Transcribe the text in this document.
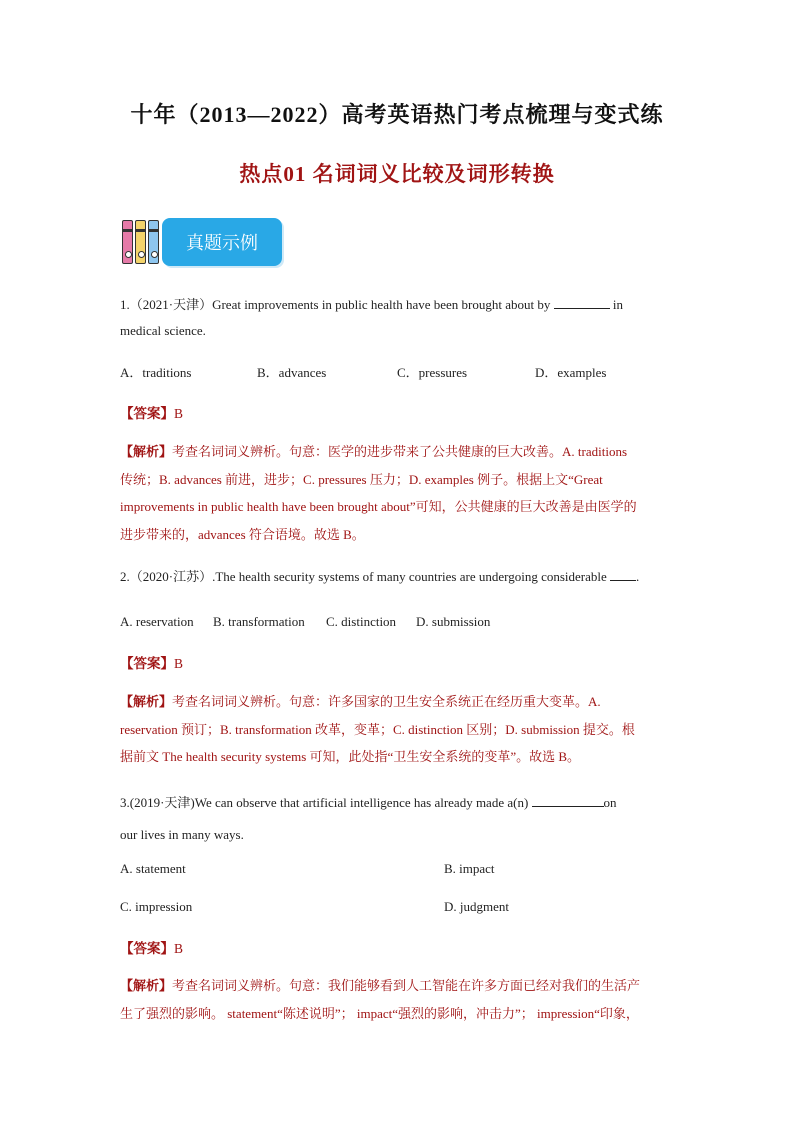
十年（2013—2022）高考英语热门考点梳理与变式练
热点01 名词词义比较及词形转换
真题示例
1.（2021·天津）Great improvements in public health have been brought about by	in
medical science.
A．traditions	B．advances	C．pressures	D．examples
【答案】B
【解析】考查名词词义辨析。句意：医学的进步带来了公共健康的巨大改善。A. traditions
传统；B. advances 前进，进步；C. pressures 压力；D. examples 例子。根据上文“Great
improvements in public health have been brought about”可知，公共健康的巨大改善是由医学的
进步带来的，advances 符合语境。故选 B。
2.（2020·江苏）.The health security systems of many countries are undergoing considerable .
A. reservation B. transformation C. distinction D. submission
【答案】B
【解析】考查名词词义辨析。句意：许多国家的卫生安全系统正在经历重大变革。A.
reservation 预订；B. transformation 改革，变革；C. distinction 区别；D. submission 提交。根
据前文 The health security systems 可知，此处指“卫生安全系统的变革”。故选 B。
3.(2019·天津)We can observe that artificial intelligence has already made a(n)	on
our lives in many ways.
A. statement	B. impact
C. impression	D. judgment
【答案】B
【解析】考查名词词义辨析。句意：我们能够看到人工智能在许多方面已经对我们的生活产
生了强烈的影响。 statement“陈述说明”； impact“强烈的影响，冲击力”； impression“印象，
